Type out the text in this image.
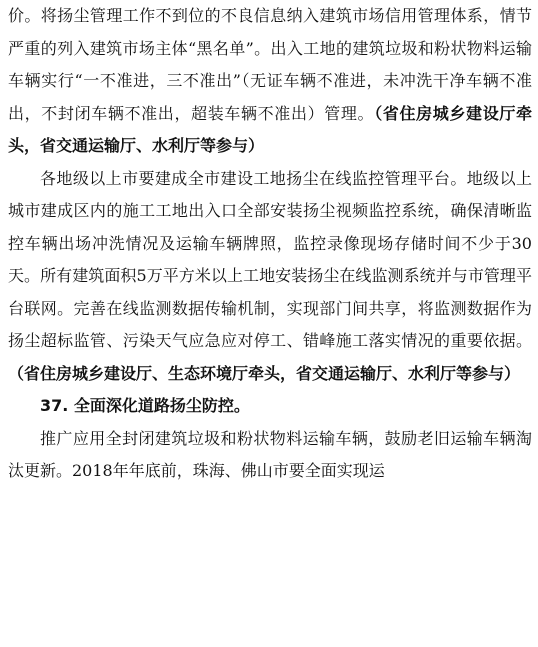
价。将扬尘管理工作不到位的不良信息纳入建筑市场信用管理体系，情节严重的列入建筑市场主体“黑名单”。出入工地的建筑垃圾和粉状物料运输车辆实行“一不准进，三不准出”（无证车辆不准进，未冲洗干净车辆不准出，不封闭车辆不准出，超装车辆不准出）管理。（省住房城乡建设厅牵头，省交通运输厅、水利厅等参与）

各地级以上市要建成全市建设工地扬尘在线监控管理平台。地级以上城市建成区内的施工工地出入口全部安装扬尘视频监控系统，确保清晰监控车辆出场冲洗情况及运输车辆牌照，监控录像现场存储时间不少于30天。所有建筑面积5万平方米以上工地安装扬尘在线监测系统并与市管理平台联网。完善在线监测数据传输机制，实现部门间共享，将监测数据作为扬尘超标监管、污染天气应急应对停工、错峰施工落实情况的重要依据。（省住房城乡建设厅、生态环境厅牵头，省交通运输厅、水利厅等参与）

37. 全面深化道路扬尘防控。

推广应用全封闭建筑垃圾和粉状物料运输车辆，鼓励老旧运输车辆淘汰更新。2018年年底前，珠海、佛山市要全面实现运
